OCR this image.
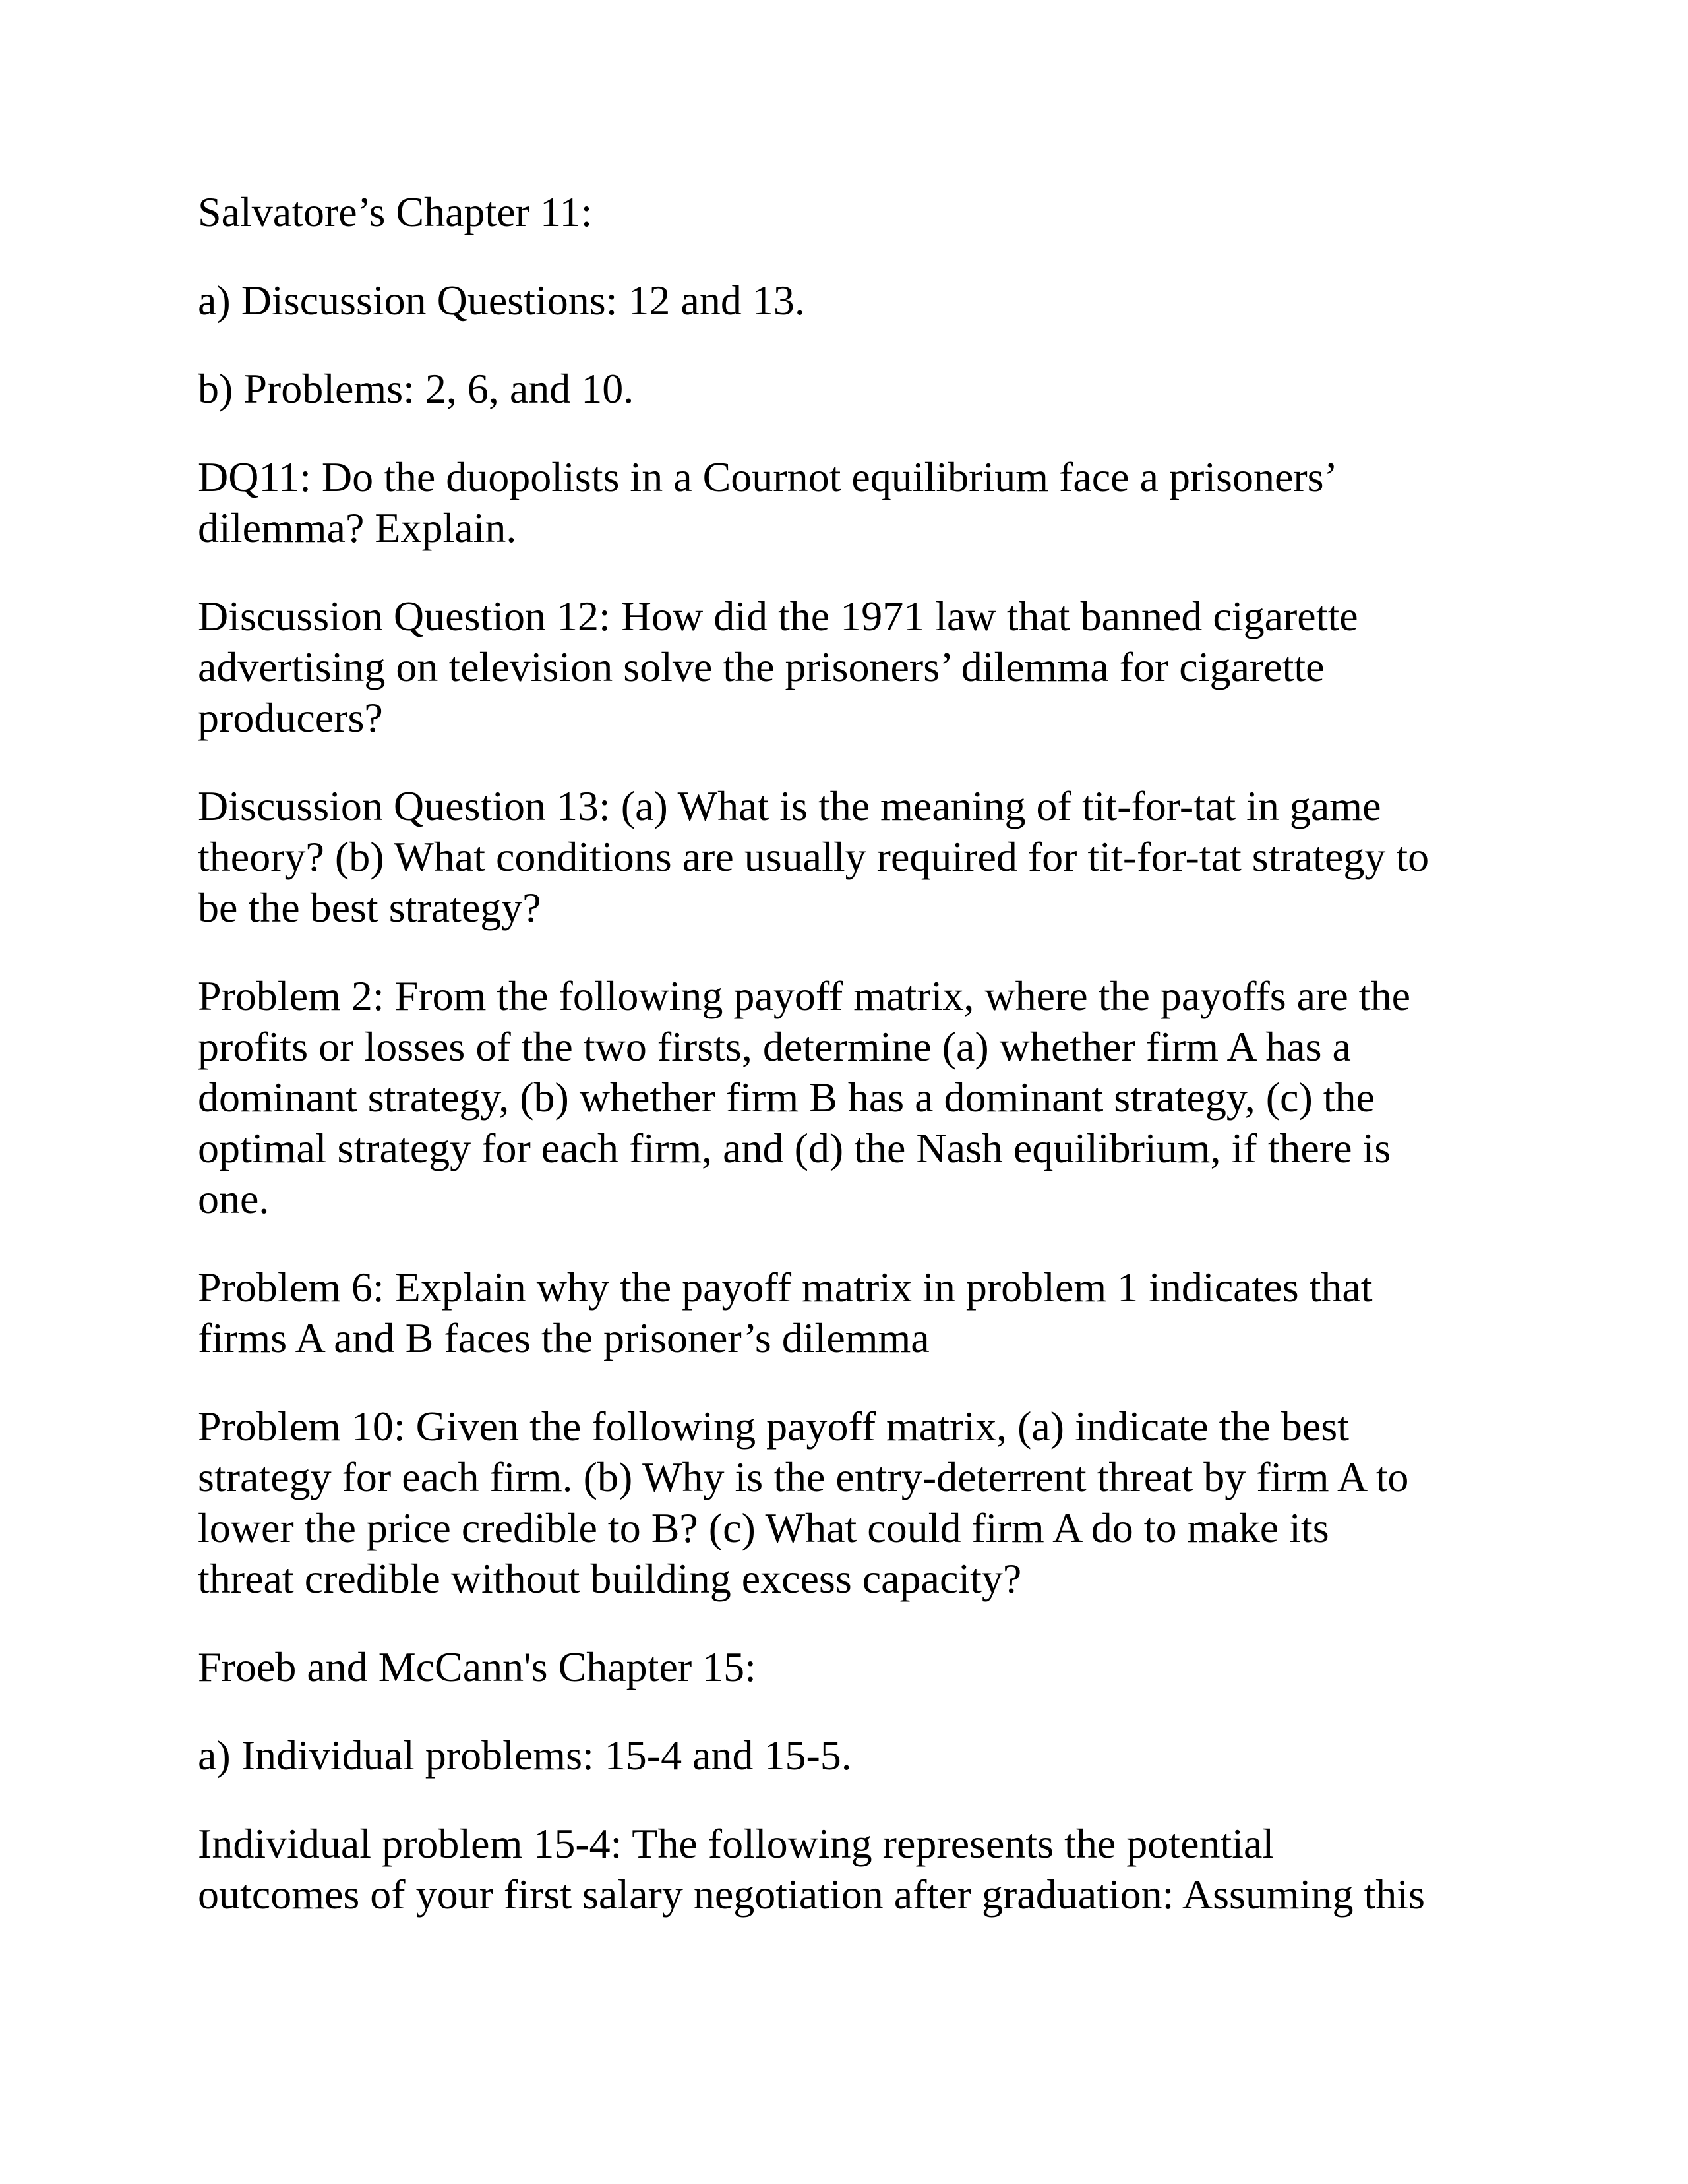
Salvatore’s Chapter 11:

a) Discussion Questions: 12 and 13.

b) Problems: 2, 6, and 10.

DQ11: Do the duopolists in a Cournot equilibrium face a prisoners’
dilemma? Explain.

Discussion Question 12: How did the 1971 law that banned cigarette
advertising on television solve the prisoners’ dilemma for cigarette
producers?

Discussion Question 13: (a) What is the meaning of tit-for-tat in game
theory? (b) What conditions are usually required for tit-for-tat strategy to
be the best strategy?

Problem 2: From the following payoff matrix, where the payoffs are the
profits or losses of the two firsts, determine (a) whether firm A has a
dominant strategy, (b) whether firm B has a dominant strategy, (c) the
optimal strategy for each firm, and (d) the Nash equilibrium, if there is
one.

Problem 6: Explain why the payoff matrix in problem 1 indicates that
firms A and B faces the prisoner’s dilemma

Problem 10: Given the following payoff matrix, (a) indicate the best
strategy for each firm. (b) Why is the entry-deterrent threat by firm A to
lower the price credible to B? (c) What could firm A do to make its
threat credible without building excess capacity?

Froeb and McCann's Chapter 15:

a) Individual problems: 15-4 and 15-5.

Individual problem 15-4: The following represents the potential
outcomes of your first salary negotiation after graduation: Assuming this
